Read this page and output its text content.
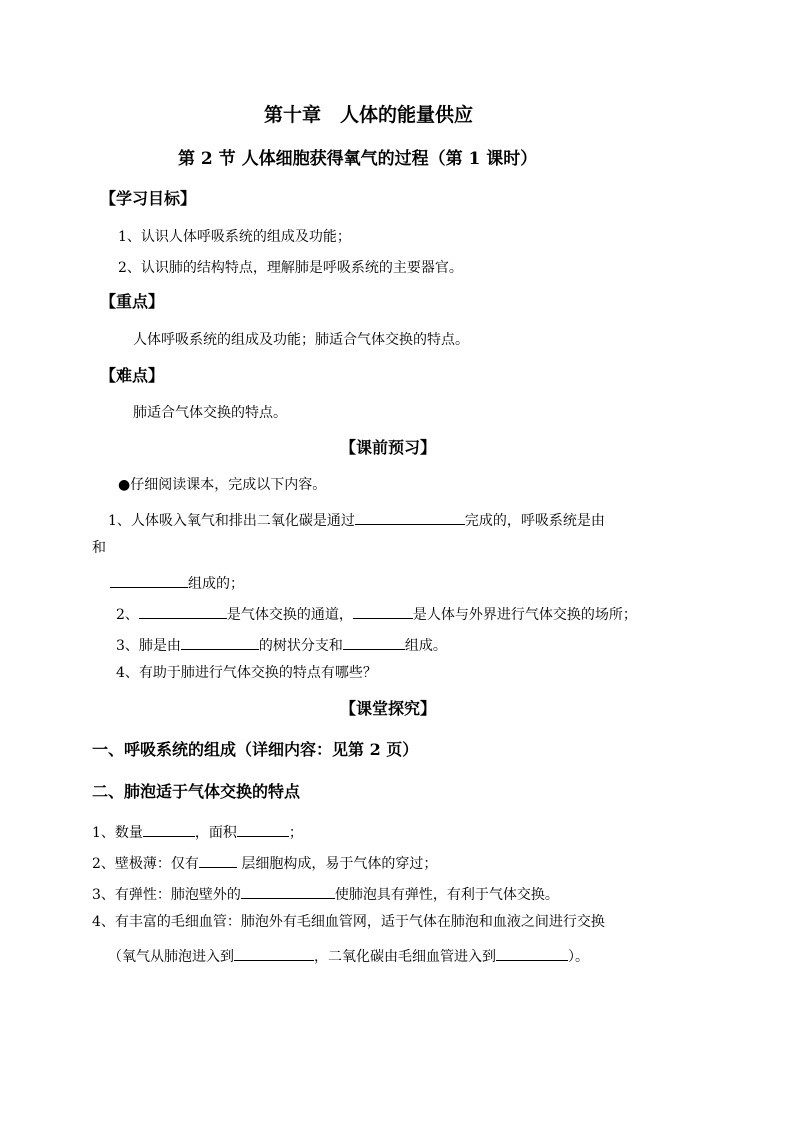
第十章　人体的能量供应
第 2 节 人体细胞获得氧气的过程（第 1 课时）
【学习目标】
1、认识人体呼吸系统的组成及功能；
2、认识肺的结构特点，理解肺是呼吸系统的主要器官。
【重点】
人体呼吸系统的组成及功能；肺适合气体交换的特点。
【难点】
肺适合气体交换的特点。
【课前预习】
●仔细阅读课本，完成以下内容。
1、人体吸入氧气和排出二氧化碳是通过	完成的，呼吸系统是由
和
组成的；
2、	是气体交换的通道，	是人体与外界进行气体交换的场所；
3、肺是由	的树状分支和	组成。
4、有助于肺进行气体交换的特点有哪些？
【课堂探究】
一、呼吸系统的组成（详细内容：见第 2 页）
二、肺泡适于气体交换的特点
1、数量	，面积	；
2、壁极薄：仅有	层细胞构成，易于气体的穿过；
3、有弹性：肺泡壁外的	使肺泡具有弹性，有利于气体交换。
4、有丰富的毛细血管：肺泡外有毛细血管网，适于气体在肺泡和血液之间进行交换
（氧气从肺泡进入到	，二氧化碳由毛细血管进入到	）。
